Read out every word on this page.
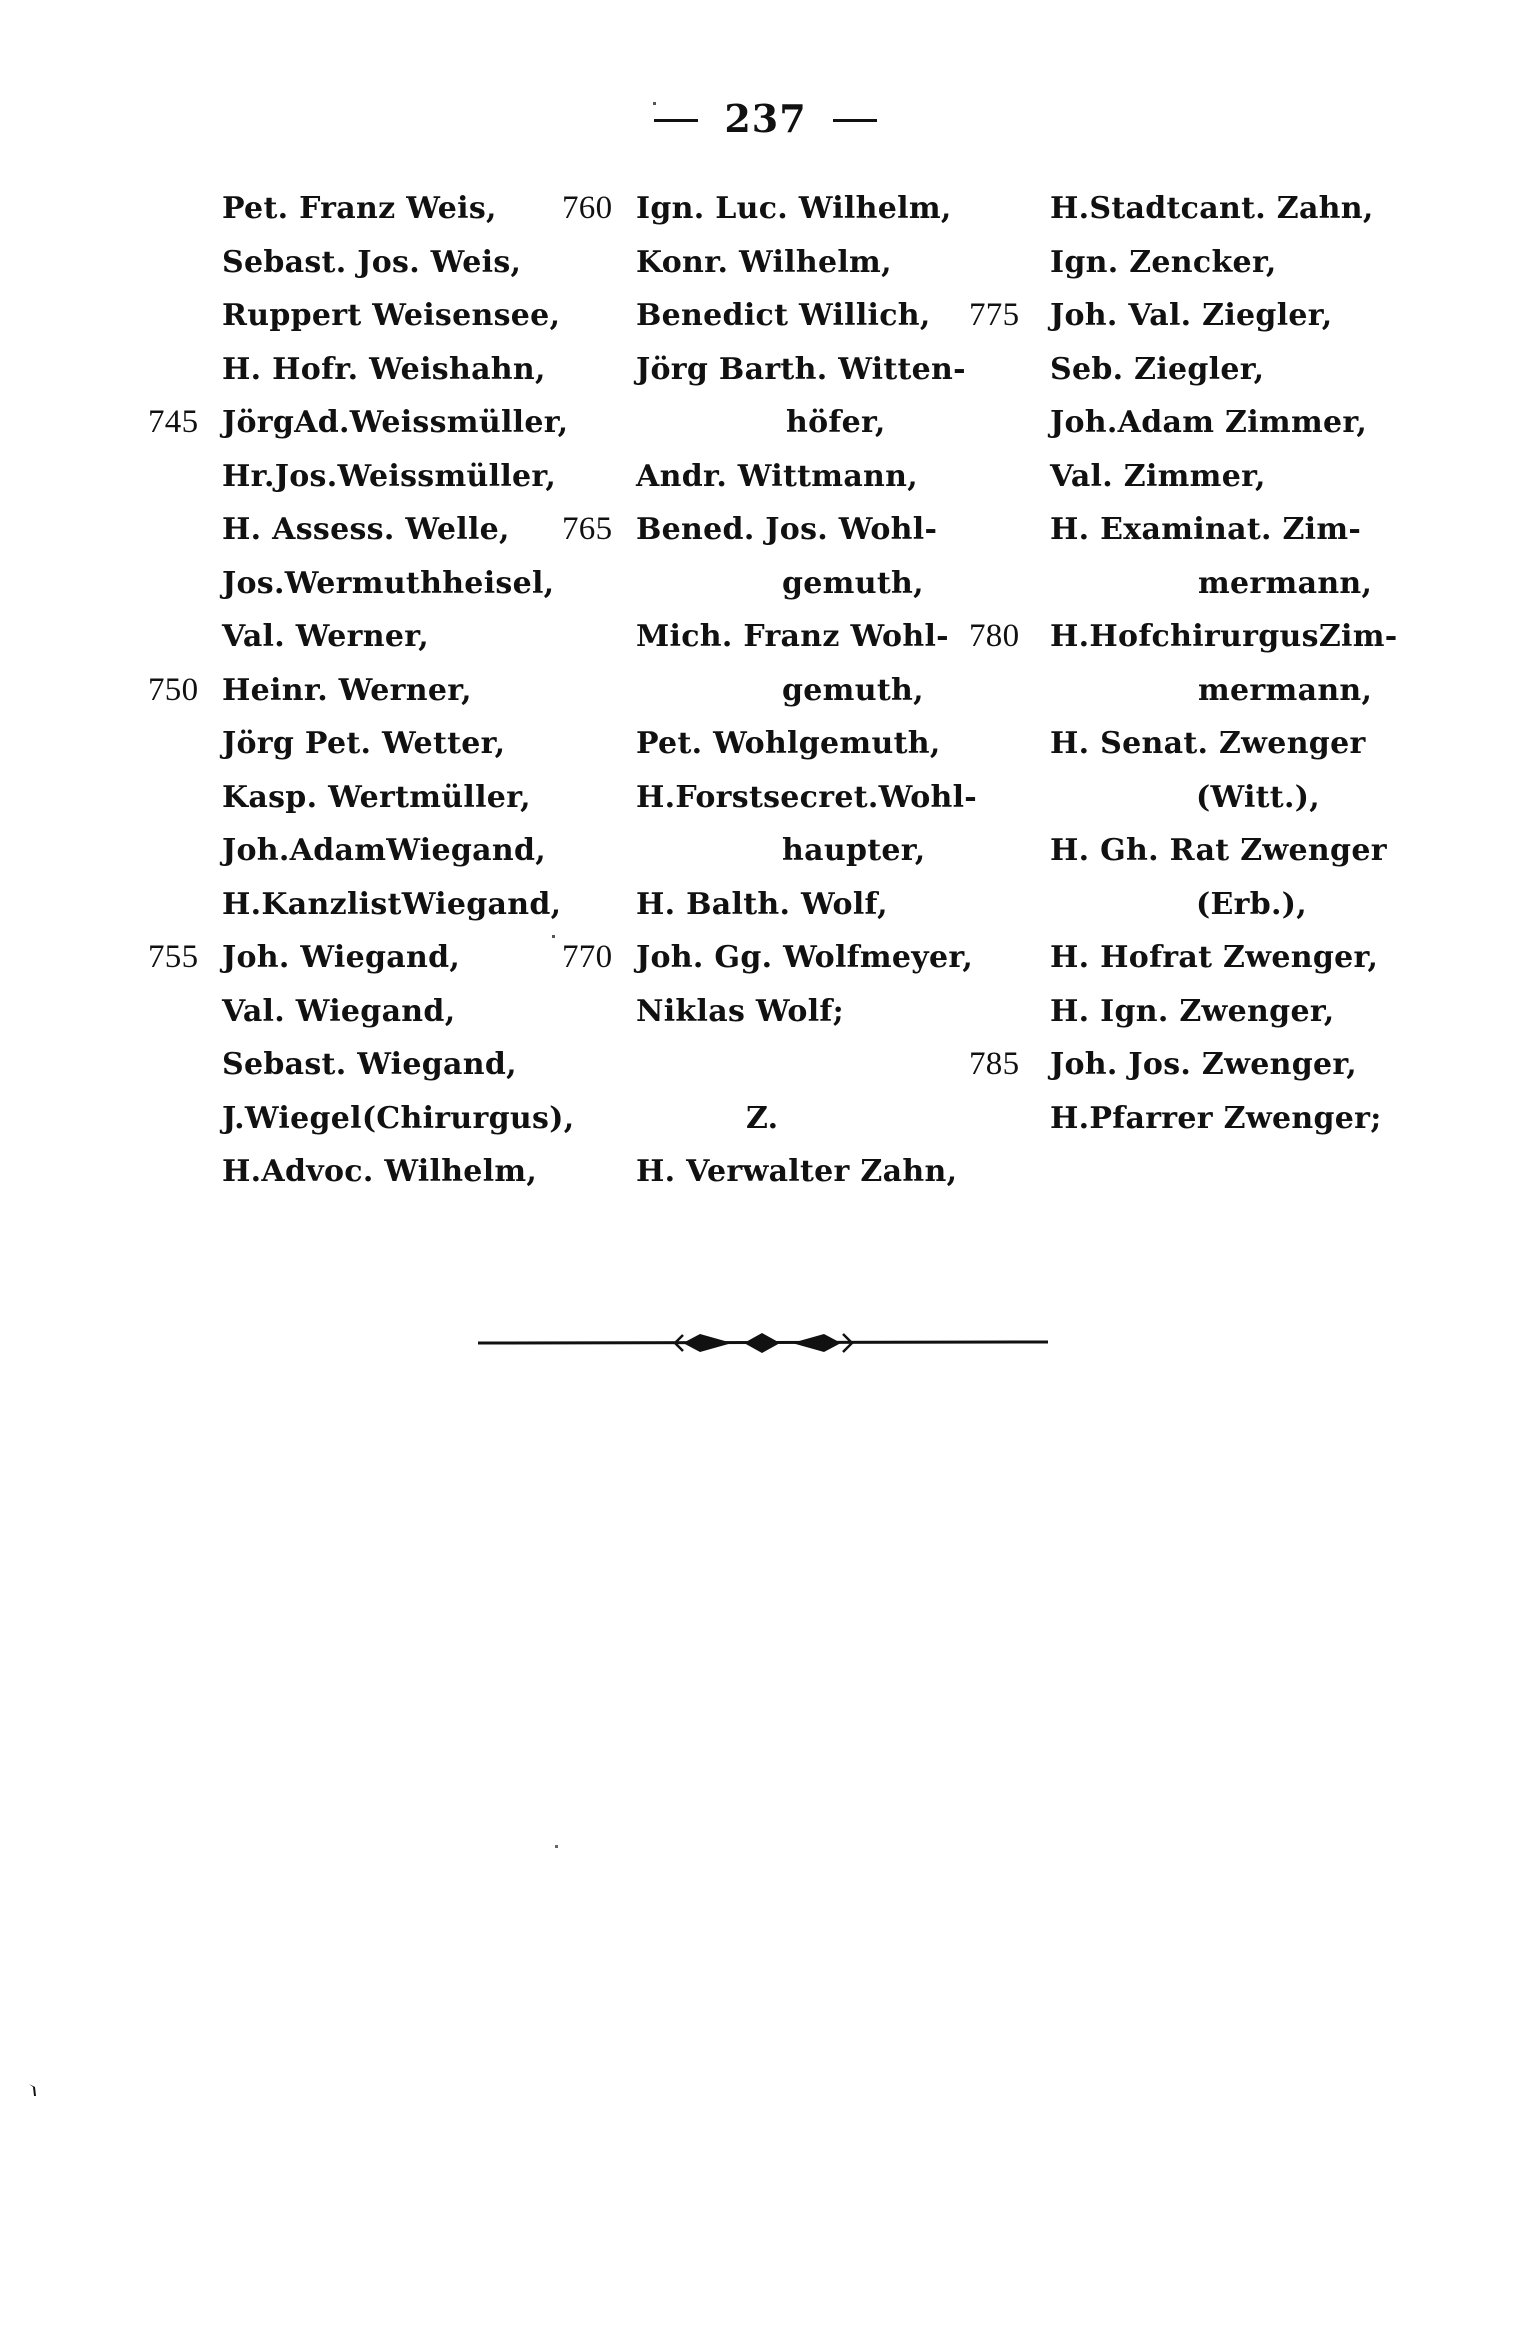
237
Pet. Franz Weis,
Sebast. Jos. Weis,
Ruppert Weisensee,
H. Hofr. Weishahn,
745 JörgAd.Weissmüller,
Hr.Jos.Weissmüller,
H. Assess. Welle,
Jos.Wermuthheisel,
Val. Werner,
750 Heinr. Werner,
Jörg Pet. Wetter,
Kasp. Wertmüller,
Joh.AdamWiegand,
H.KanzlistWiegand,
755 Joh. Wiegand,
Val. Wiegand,
Sebast. Wiegand,
J.Wiegel(Chirurgus),
H.Advoc. Wilhelm,
760 Ign. Luc. Wilhelm,
Konr. Wilhelm,
Benedict Willich,
Jörg Barth. Witten-
höfer,
Andr. Wittmann,
765 Bened. Jos. Wohl-
gemuth,
Mich. Franz Wohl-
gemuth,
Pet. Wohlgemuth,
H.Forstsecret.Wohl-
haupter,
H. Balth. Wolf,
770 Joh. Gg. Wolfmeyer,
Niklas Wolf;
Z.
H. Verwalter Zahn,
H.Stadtcant. Zahn,
Ign. Zencker,
775 Joh. Val. Ziegler,
Seb. Ziegler,
Joh.Adam Zimmer,
Val. Zimmer,
H. Examinat. Zim-
mermann,
780 H.HofchirurgusZim-
mermann,
H. Senat. Zwenger
(Witt.),
H. Gh. Rat Zwenger
(Erb.),
H. Hofrat Zwenger,
H. Ign. Zwenger,
785 Joh. Jos. Zwenger,
H.Pfarrer Zwenger;
